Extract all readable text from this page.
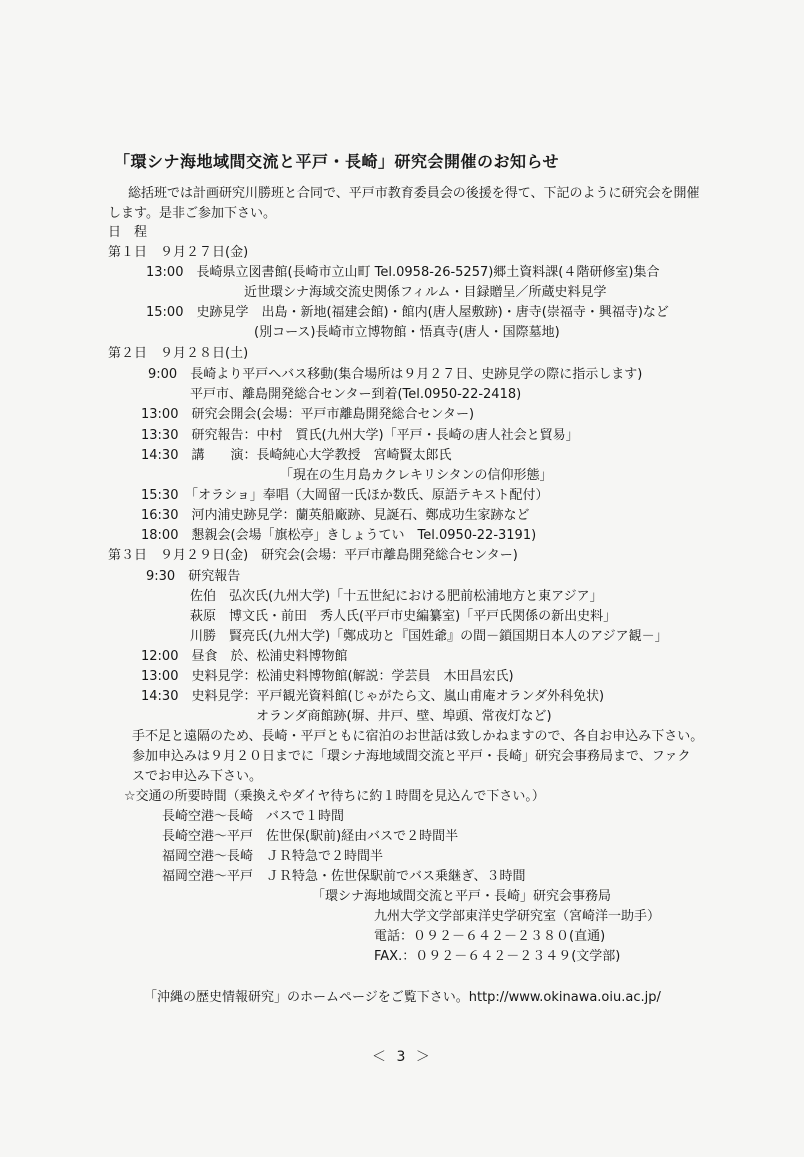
「環シナ海地域間交流と平戸・長崎」研究会開催のお知らせ
総括班では計画研究川勝班と合同で、平戸市教育委員会の後援を得て、下記のように研究会を開催
します。是非ご参加下さい。
日　程
第１日　９月２７日(金)
13:00　長崎県立図書館(長崎市立山町 Tel.0958-26-5257)郷土資料課(４階研修室)集合
近世環シナ海域交流史関係フィルム・目録贈呈／所蔵史料見学
15:00　史跡見学　出島・新地(福建会館)・館内(唐人屋敷跡)・唐寺(崇福寺・興福寺)など
(別コース)長崎市立博物館・悟真寺(唐人・国際墓地)
第２日　９月２８日(土)
9:00　長崎より平戸へバス移動(集合場所は９月２７日、史跡見学の際に指示します)
平戸市、離島開発総合センター到着(Tel.0950-22-2418)
13:00　研究会開会(会場：平戸市離島開発総合センター)
13:30　研究報告：中村　質氏(九州大学)「平戸・長崎の唐人社会と貿易」
14:30　講　　演：長崎純心大学教授　宮崎賢太郎氏
「現在の生月島カクレキリシタンの信仰形態」
15:30　「オラショ」奉唱（大岡留一氏ほか数氏、原語テキスト配付）
16:30　河内浦史跡見学：蘭英船廠跡、見誕石、鄭成功生家跡など
18:00　懇親会(会場「旗松亭」きしょうてい　Tel.0950-22-3191)
第３日　９月２９日(金)　研究会(会場：平戸市離島開発総合センター)
9:30　研究報告
佐伯　弘次氏(九州大学)「十五世紀における肥前松浦地方と東アジア」
萩原　博文氏・前田　秀人氏(平戸市史編纂室)「平戸氏関係の新出史料」
川勝　賢亮氏(九州大学)「鄭成功と『国姓爺』の間－鎖国期日本人のアジア観－」
12:00　昼食　於、松浦史料博物館
13:00　史料見学：松浦史料博物館(解説：学芸員　木田昌宏氏)
14:30　史料見学：平戸観光資料館(じゃがたら文、嵐山甫庵オランダ外科免状)
オランダ商館跡(塀、井戸、壁、埠頭、常夜灯など)
手不足と遠隔のため、長崎・平戸ともに宿泊のお世話は致しかねますので、各自お申込み下さい。
参加申込みは９月２０日までに「環シナ海地域間交流と平戸・長崎」研究会事務局まで、ファク
スでお申込み下さい。
☆交通の所要時間（乗換えやダイヤ待ちに約１時間を見込んで下さい。）
長崎空港～長崎　バスで１時間
長崎空港～平戸　佐世保(駅前)経由バスで２時間半
福岡空港～長崎　ＪＲ特急で２時間半
福岡空港～平戸　ＪＲ特急・佐世保駅前でバス乗継ぎ、３時間
「環シナ海地域間交流と平戸・長崎」研究会事務局
九州大学文学部東洋史学研究室（宮崎洋一助手）
電話：０９２－６４２－２３８０(直通)
FAX.：０９２－６４２－２３４９(文学部)
「沖縄の歴史情報研究」のホームページをご覧下さい。http://www.okinawa.oiu.ac.jp/
＜ 3 ＞
